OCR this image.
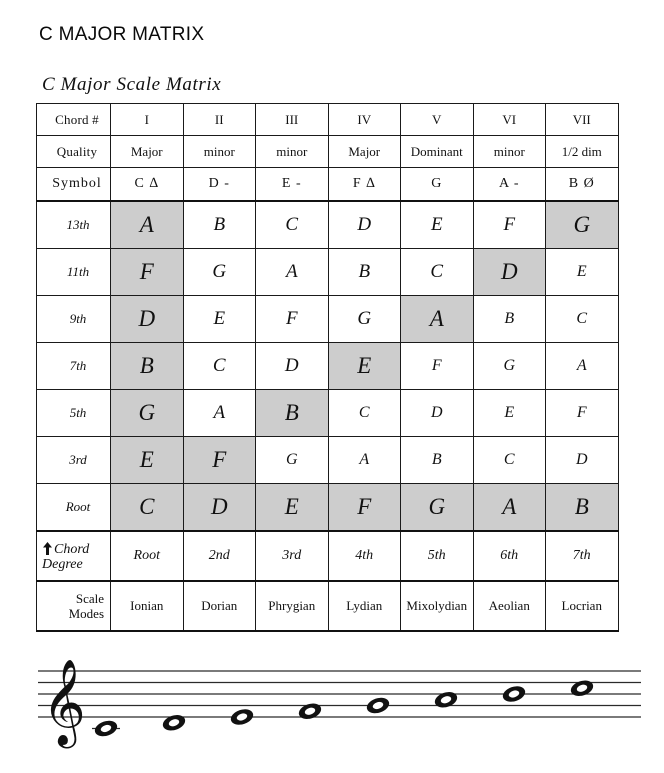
C MAJOR MATRIX
C Major Scale Matrix
Chord #	I	II	III	IV	V	VI	VII
Quality	Major	minor	minor	Major	Dominant	minor	1/2 dim
Symbol	C ∆	D -	E -	F ∆	G	A -	B Ø
13th	A	B	C	D	E	F	G
11th	F	G	A	B	C	D	E
9th	D	E	F	G	A	B	C
7th	B	C	D	E	F	G	A
5th	G	A	B	C	D	E	F
3rd	E	F	G	A	B	C	D
Root	C	D	E	F	G	A	B
Chord
Degree	Root	2nd	3rd	4th	5th	6th	7th
Scale
Modes	Ionian	Dorian	Phrygian	Lydian	Mixolydian	Aeolian	Locrian
𝄞
